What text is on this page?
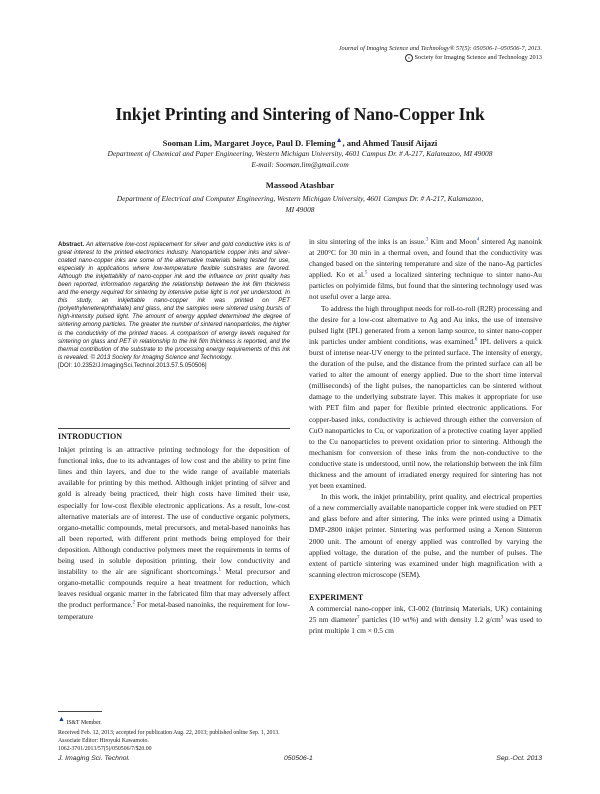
Journal of Imaging Science and Technology® 57(5): 050506-1–050506-7, 2013.
c Society for Imaging Science and Technology 2013
Inkjet Printing and Sintering of Nano-Copper Ink
Sooman Lim, Margaret Joyce, Paul D. Fleming▲, and Ahmed Tausif Aijazi
Department of Chemical and Paper Engineering, Western Michigan University, 4601 Campus Dr. # A-217, Kalamazoo, MI 49008
E-mail: Sooman.lim@gmail.com
Massood Atashbar
Department of Electrical and Computer Engineering, Western Michigan University, 4601 Campus Dr. # A-217, Kalamazoo,
MI 49008
Abstract. An alternative low-cost replacement for silver and gold conductive inks is of great interest to the printed electronics industry. Nanoparticle copper inks and silver-coated nano-copper inks are some of the alternative materials being tested for use, especially in applications where low-temperature flexible substrates are favored. Although the inkjettability of nano-copper ink and the influence on print quality has been reported, information regarding the relationship between the ink film thickness and the energy required for sintering by intensive pulse light is not yet understood. In this study, an inkjettable nano-copper ink was printed on PET (polyethyleneterephthalate) and glass, and the samples were sintered using bursts of high-intensity pulsed light. The amount of energy applied determined the degree of sintering among particles. The greater the number of sintered nanoparticles, the higher is the conductivity of the printed traces. A comparison of energy levels required for sintering on glass and PET in relationship to the ink film thickness is reported, and the thermal contribution of the substrate to the processing energy requirements of this ink is revealed. © 2013 Society for Imaging Science and Technology.
[DOI: 10.2352/J.ImagingSci.Technol.2013.57.5.050506]
INTRODUCTION
Inkjet printing is an attractive printing technology for the deposition of functional inks, due to its advantages of low cost and the ability to print fine lines and thin layers, and due to the wide range of available materials available for printing by this method. Although inkjet printing of silver and gold is already being practiced, their high costs have limited their use, especially for low-cost flexible electronic applications. As a result, low-cost alternative materials are of interest. The use of conductive organic polymers, organo-metallic compounds, metal precursors, and metal-based nanoinks has all been reported, with different print methods being employed for their deposition. Although conductive polymers meet the requirements in terms of being used in soluble deposition printing, their low conductivity and instability to the air are significant shortcomings.$^1$ Metal precursor and organo-metallic compounds require a heat treatment for reduction, which leaves residual organic matter in the fabricated film that may adversely affect the product performance.$^2$ For metal-based nanoinks, the requirement for low-temperature
▲ IS&T Member.
Received Feb. 12, 2013; accepted for publication Aug. 22, 2013; published online Sep. 1, 2013. Associate Editor: Hiroyuki Kawamoto.
1062-3701/2013/57(5)/050506/7/$20.00
in situ sintering of the inks is an issue.$^3$ Kim and Moon$^4$ sintered Ag nanoink at 200°C for 30 min in a thermal oven, and found that the conductivity was changed based on the sintering temperature and size of the nano-Ag particles applied. Ko et al.$^5$ used a localized sintering technique to sinter nano-Au particles on polyimide films, but found that the sintering technology used was not useful over a large area.
To address the high throughput needs for roll-to-roll (R2R) processing and the desire for a low-cost alternative to Ag and Au inks, the use of intensive pulsed light (IPL) generated from a xenon lamp source, to sinter nano-copper ink particles under ambient conditions, was examined.$^6$ IPL delivers a quick burst of intense near-UV energy to the printed surface. The intensity of energy, the duration of the pulse, and the distance from the printed surface can all be varied to alter the amount of energy applied. Due to the short time interval (milliseconds) of the light pulses, the nanoparticles can be sintered without damage to the underlying substrate layer. This makes it appropriate for use with PET film and paper for flexible printed electronic applications. For copper-based inks, conductivity is achieved through either the conversion of CuO nanoparticles to Cu, or vaporization of a protective coating layer applied to the Cu nanoparticles to prevent oxidation prior to sintering. Although the mechanism for conversion of these inks from the non-conductive to the conductive state is understood, until now, the relationship between the ink film thickness and the amount of irradiated energy required for sintering has not yet been examined.
In this work, the inkjet printability, print quality, and electrical properties of a new commercially available nanoparticle copper ink were studied on PET and glass before and after sintering. The inks were printed using a Dimatix DMP-2800 inkjet printer. Sintering was performed using a Xenon Sinteron 2000 unit. The amount of energy applied was controlled by varying the applied voltage, the duration of the pulse, and the number of pulses. The extent of particle sintering was examined under high magnification with a scanning electron microscope (SEM).
EXPERIMENT
A commercial nano-copper ink, CI-002 (Intrinsiq Materials, UK) containing 25 nm diameter$^7$ particles (10 wt%) and with density 1.2 $g/cm^3$ was used to print multiple 1 cm × 0.5 cm
J. Imaging Sci. Technol.	050506-1	Sep.-Oct. 2013
